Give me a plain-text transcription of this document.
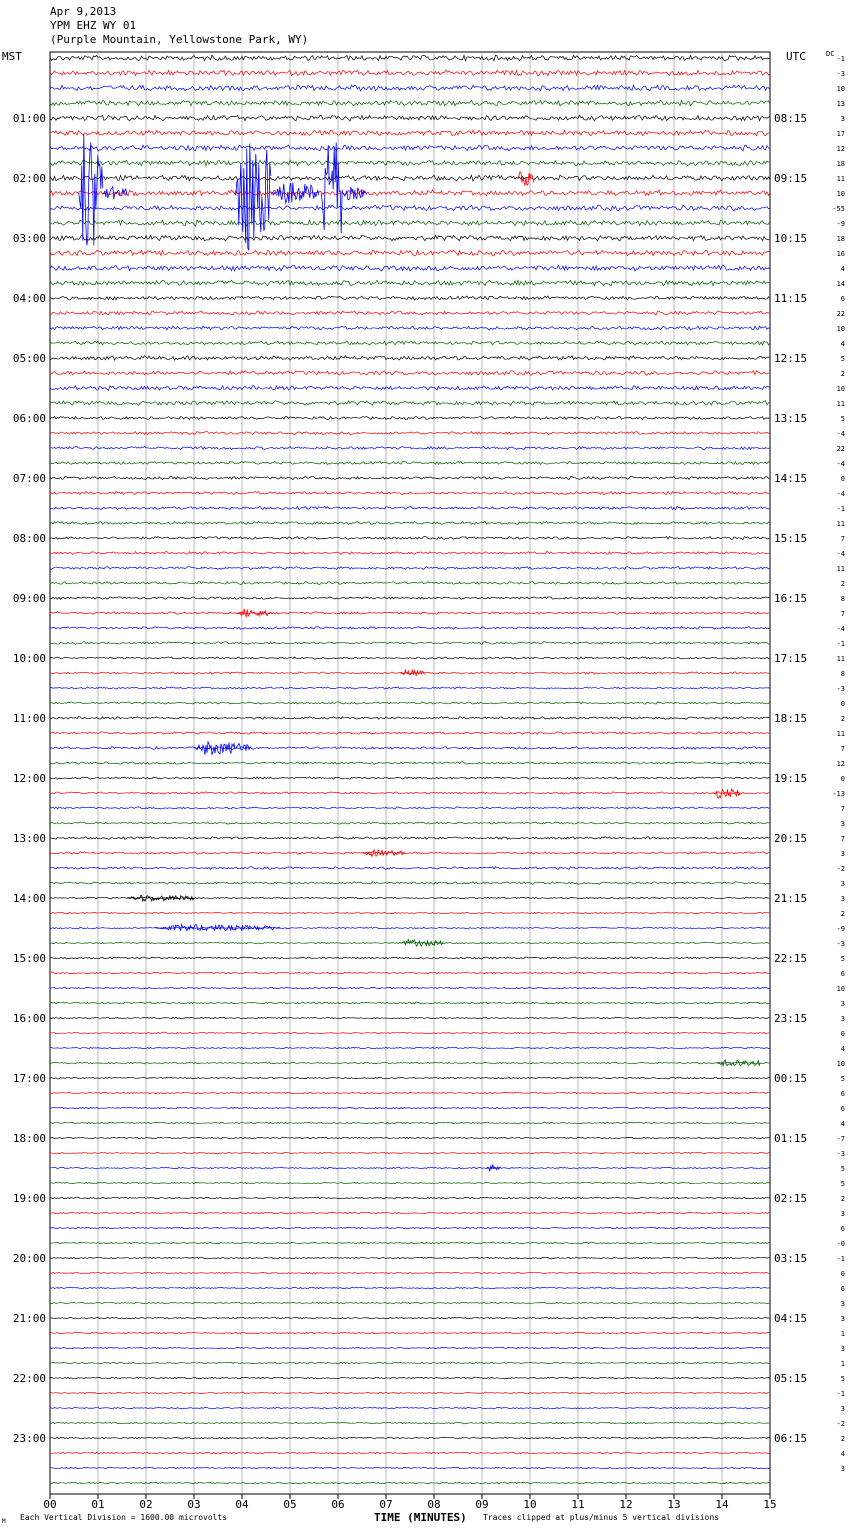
Apr 9,2013
YPM EHZ WY 01
(Purple Mountain, Yellowstone Park, WY)
MST	UTC	DC
01:00
02:00
03:00
04:00
05:00
06:00
07:00
08:00
09:00
10:00
11:00
12:00
13:00
14:00
15:00
16:00
17:00
18:00
19:00
20:00
21:00
22:00
23:00
08:15
09:15
10:15
11:15
12:15
13:15
14:15
15:15
16:15
17:15
18:15
19:15
20:15
21:15
22:15
23:15
00:15
01:15
02:15
03:15
04:15
05:15
06:15
-1
-3
10
13
3
17
12
18
11
10
-55
-9
18
16
4
14
6
22
10
4
5
2
10
11
5
-4
22
-4
0
-4
-1
11
7
-4
11
2
8
7
-4
-1
11
8
-3
0
2
11
7
12
0
-13
7
3
7
3
-2
3
3
2
-9
-3
5
6
10
3
3
0
4
10
5
6
6
4
-7
-3
5
5
2
3
6
-0
-1
0
6
3
3
1
3
1
5
-1
3
-2
2
4
3
00	01	02	03	04	05	06	07	08	09	10	11	12	13	14	15
Each Vertical Division = 1600.00 microvolts	TIME (MINUTES) Traces clipped at plus/minus 5 vertical divisions
M
